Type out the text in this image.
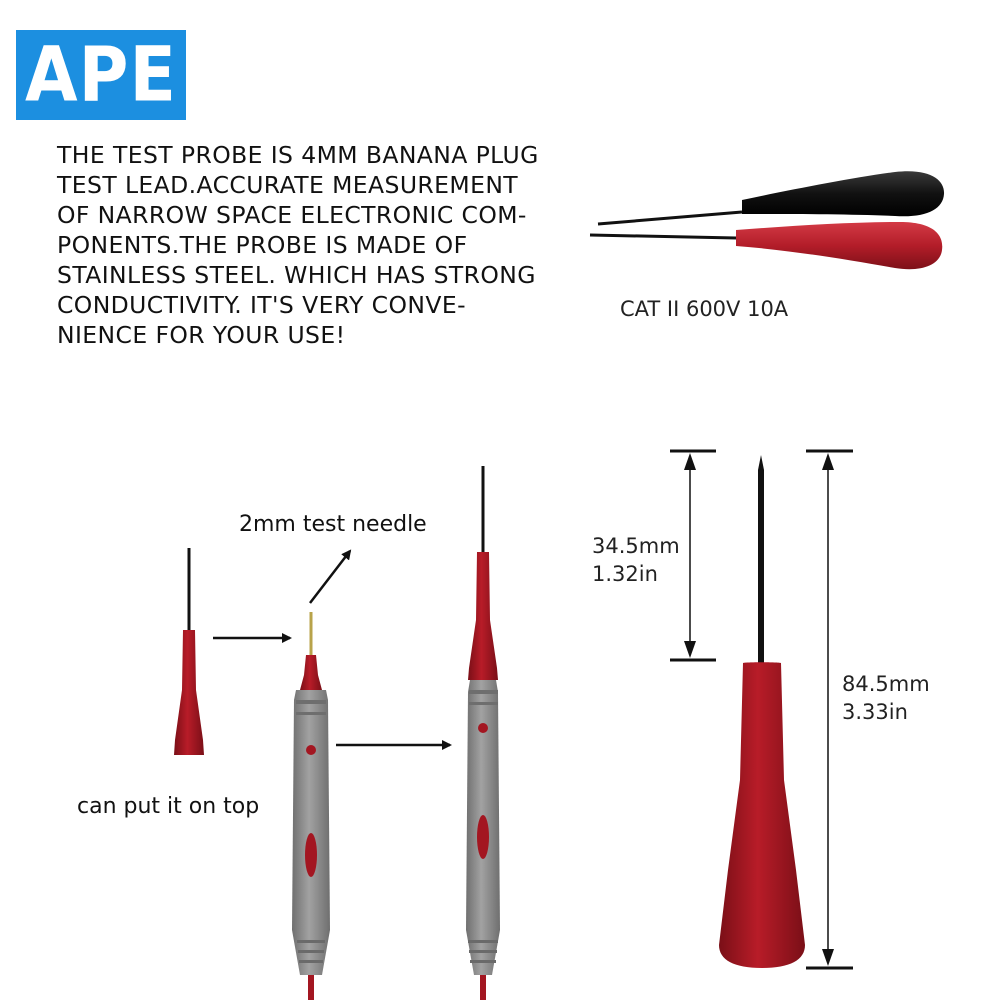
APE
THE TEST PROBE IS 4MM BANANA PLUG
TEST LEAD.ACCURATE MEASUREMENT
OF NARROW SPACE ELECTRONIC COM-
PONENTS.THE PROBE IS MADE OF
STAINLESS STEEL. WHICH HAS STRONG
CONDUCTIVITY. IT'S VERY CONVE-
NIENCE FOR YOUR USE!
CAT II 600V 10A
2mm test needle
can put it on top
34.5mm
1.32in
84.5mm
3.33in
